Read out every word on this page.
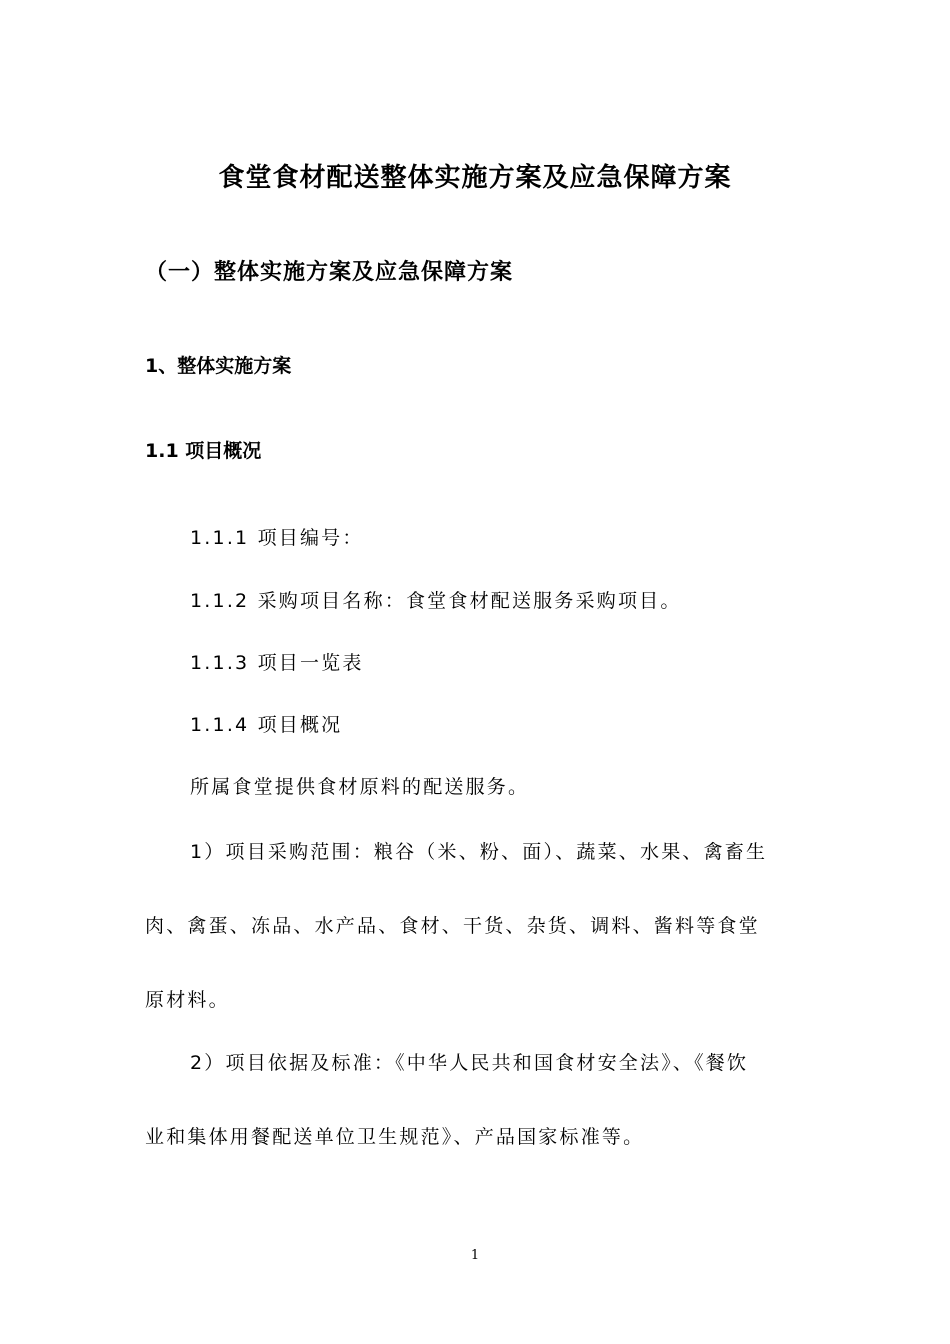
食堂食材配送整体实施方案及应急保障方案
（一）整体实施方案及应急保障方案
1、整体实施方案
1.1 项目概况
1.1.1 项目编号：
1.1.2 采购项目名称：食堂食材配送服务采购项目。
1.1.3 项目一览表
1.1.4 项目概况
所属食堂提供食材原料的配送服务。
1）项目采购范围：粮谷（米、粉、面）、蔬菜、水果、禽畜生
肉、禽蛋、冻品、水产品、食材、干货、杂货、调料、酱料等食堂
原材料。
2）项目依据及标准：《中华人民共和国食材安全法》、《餐饮
业和集体用餐配送单位卫生规范》、产品国家标准等。
1
